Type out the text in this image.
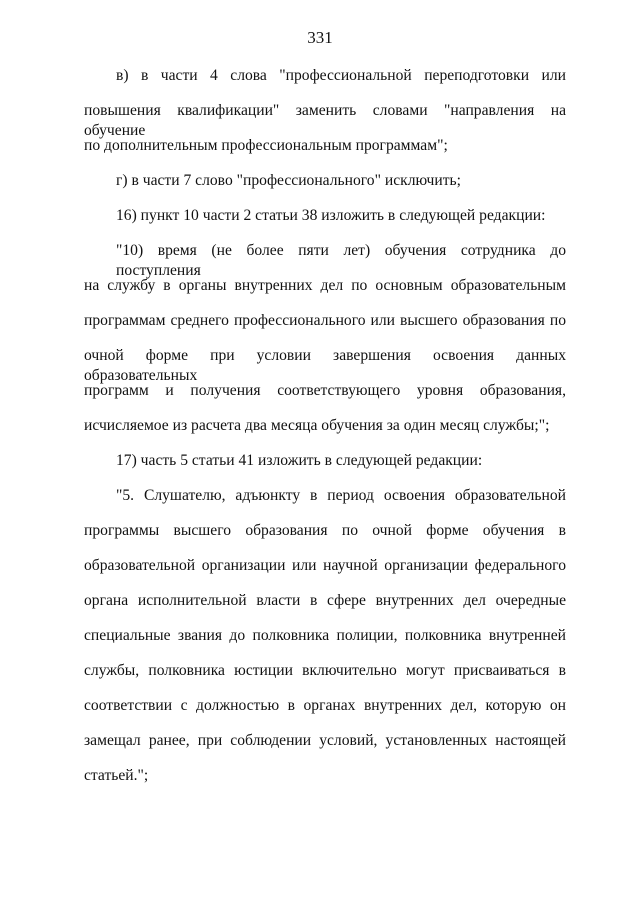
331
в) в части 4 слова "профессиональной переподготовки или
повышения квалификации" заменить словами "направления на обучение
по дополнительным профессиональным программам";
г) в части 7 слово "профессионального" исключить;
16) пункт 10 части 2 статьи 38 изложить в следующей редакции:
"10) время (не более пяти лет) обучения сотрудника до поступления
на службу в органы внутренних дел по основным образовательным
программам среднего профессионального или высшего образования по
очной форме при условии завершения освоения данных образовательных
программ и получения соответствующего уровня образования,
исчисляемое из расчета два месяца обучения за один месяц службы;";
17) часть 5 статьи 41 изложить в следующей редакции:
"5. Слушателю, адъюнкту в период освоения образовательной
программы высшего образования по очной форме обучения в
образовательной организации или научной организации федерального
органа исполнительной власти в сфере внутренних дел очередные
специальные звания до полковника полиции, полковника внутренней
службы, полковника юстиции включительно могут присваиваться в
соответствии с должностью в органах внутренних дел, которую он
замещал ранее, при соблюдении условий, установленных настоящей
статьей.";
